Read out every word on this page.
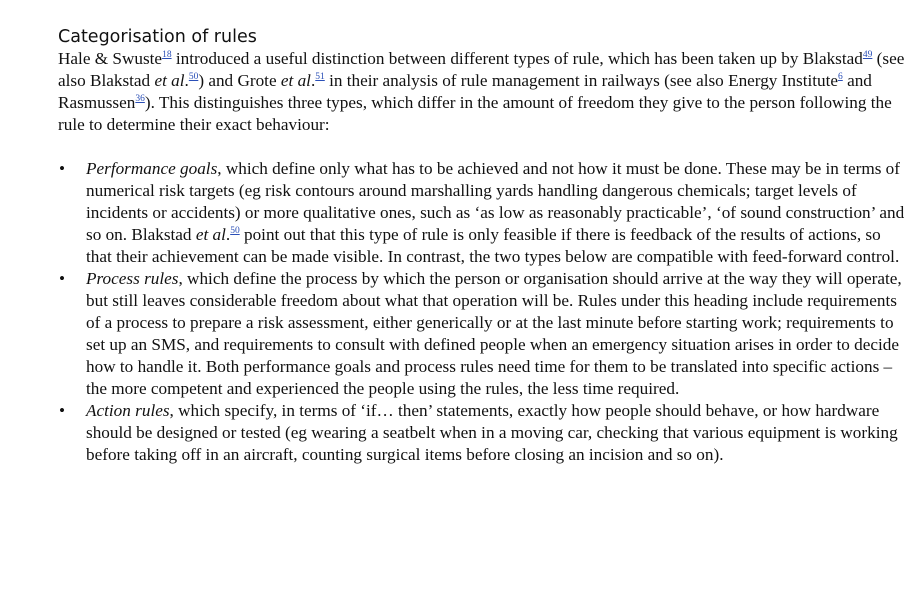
Categorisation of rules

Hale & Swuste$^{18}$ introduced a useful distinction between different types of rule, which has been taken up by Blakstad$^{49}$ (see also Blakstad et al.$^{50}$) and Grote et al.$^{51}$ in their analysis of rule management in railways (see also Energy Institute$^6$ and Rasmussen$^{36}$). This distinguishes three types, which differ in the amount of freedom they give to the person following the rule to determine their exact behaviour:

• Performance goals, which define only what has to be achieved and not how it must be done. These may be in terms of numerical risk targets (eg risk contours around marshalling yards handling dangerous chemicals; target levels of incidents or accidents) or more qualitative ones, such as ‘as low as reasonably practicable’, ‘of sound construction’ and so on. Blakstad et al.$^{50}$ point out that this type of rule is only feasible if there is feedback of the results of actions, so that their achievement can be made visible. In contrast, the two types below are compatible with feed-forward control.
• Process rules, which define the process by which the person or organisation should arrive at the way they will operate, but still leaves considerable freedom about what that operation will be. Rules under this heading include requirements of a process to prepare a risk assessment, either generically or at the last minute before starting work; requirements to set up an SMS, and requirements to consult with defined people when an emergency situation arises in order to decide how to handle it. Both performance goals and process rules need time for them to be translated into specific actions – the more competent and experienced the people using the rules, the less time required.
• Action rules, which specify, in terms of ‘if… then’ statements, exactly how people should behave, or how hardware should be designed or tested (eg wearing a seatbelt when in a moving car, checking that various equipment is working before taking off in an aircraft, counting surgical items before closing an incision and so on).
